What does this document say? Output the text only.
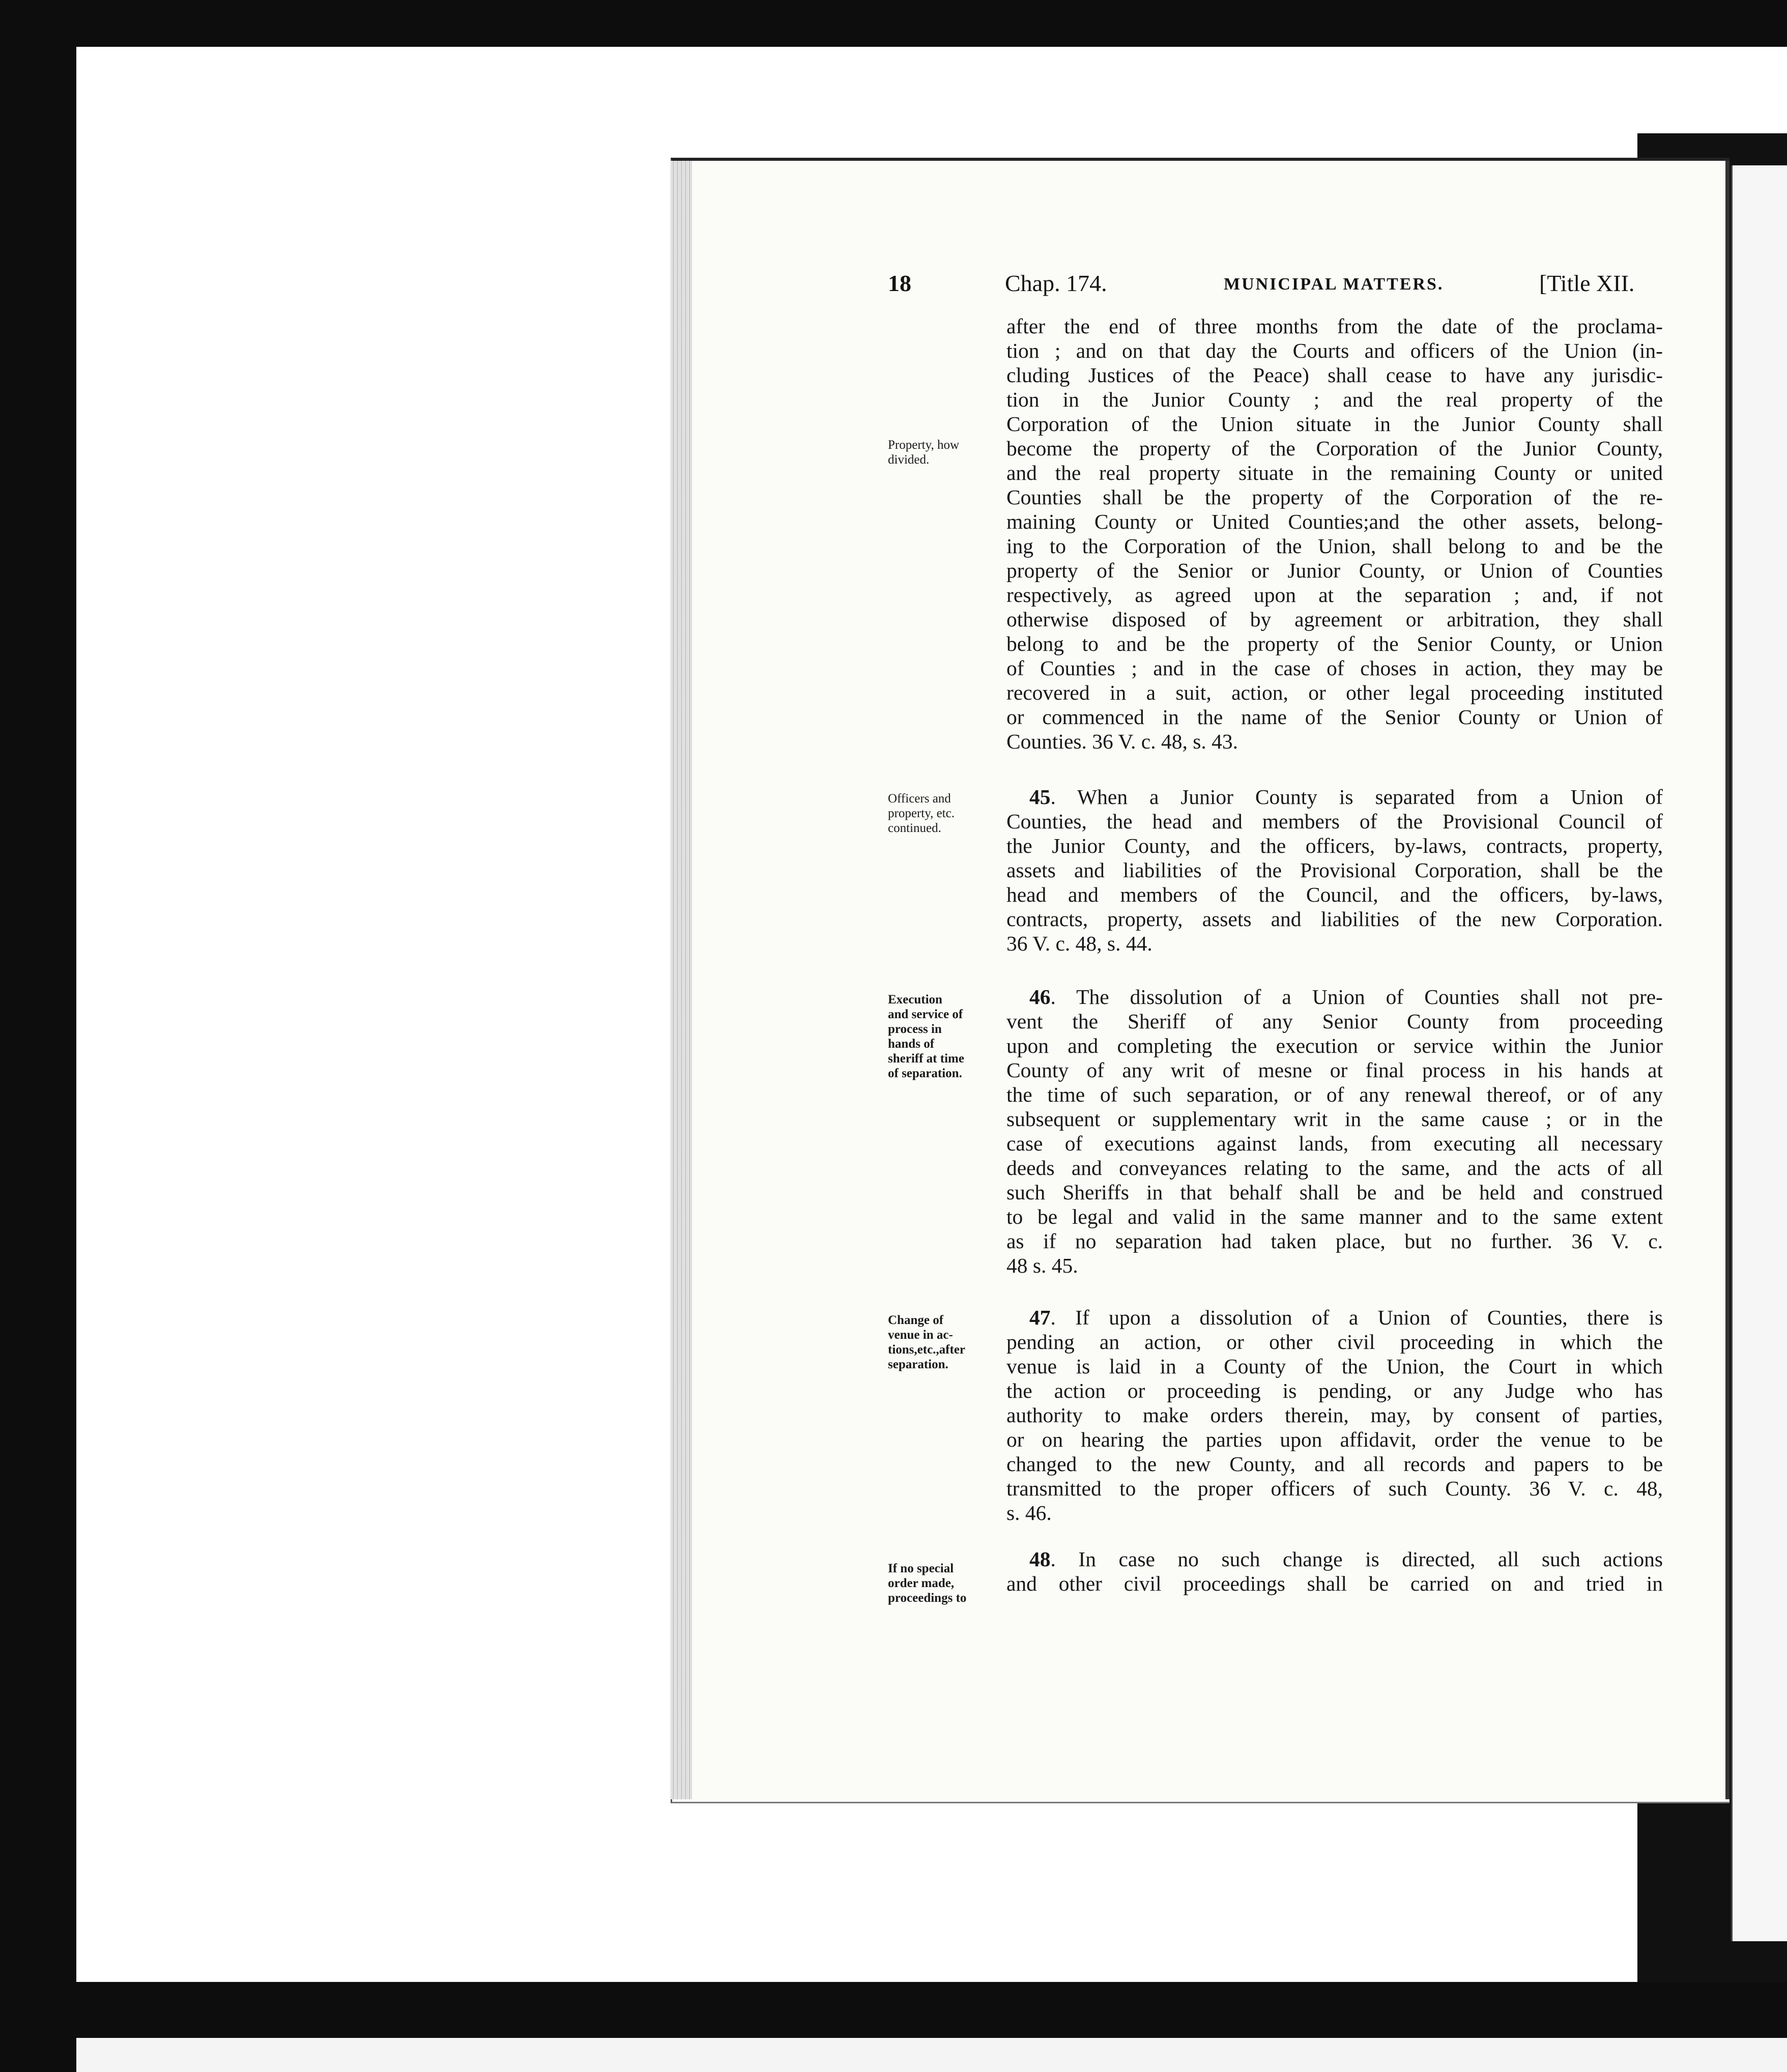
18	Chap. 174.	MUNICIPAL MATTERS.	[Title XII.
after the end of three months from the date of the proclama-
tion ; and on that day the Courts and officers of the Union (in-
cluding Justices of the Peace) shall cease to have any jurisdic-
tion in the Junior County ; and the real property of the
Corporation of the Union situate in the Junior County shall
become the property of the Corporation of the Junior County,
and the real property situate in the remaining County or united
Counties shall be the property of the Corporation of the re-
maining County or United Counties;and the other assets, belong-
ing to the Corporation of the Union, shall belong to and be the
property of the Senior or Junior County, or Union of Counties
respectively, as agreed upon at the separation ; and, if not
otherwise disposed of by agreement or arbitration, they shall
belong to and be the property of the Senior County, or Union
of Counties ; and in the case of choses in action, they may be
recovered in a suit, action, or other legal proceeding instituted
or commenced in the name of the Senior County or Union of
Counties. 36 V. c. 48, s. 43.
Property, how
divided.
Officers and
property, etc.
continued.
Execution
and service of
process in
hands of
sheriff at time
of separation.
Change of
venue in ac-
tions,etc.,after
separation.
If no special
order made,
proceedings to
45. When a Junior County is separated from a Union of
Counties, the head and members of the Provisional Council of
the Junior County, and the officers, by-laws, contracts, property,
assets and liabilities of the Provisional Corporation, shall be the
head and members of the Council, and the officers, by-laws,
contracts, property, assets and liabilities of the new Corporation.
36 V. c. 48, s. 44.
46. The dissolution of a Union of Counties shall not pre-
vent the Sheriff of any Senior County from proceeding
upon and completing the execution or service within the Junior
County of any writ of mesne or final process in his hands at
the time of such separation, or of any renewal thereof, or of any
subsequent or supplementary writ in the same cause ; or in the
case of executions against lands, from executing all necessary
deeds and conveyances relating to the same, and the acts of all
such Sheriffs in that behalf shall be and be held and construed
to be legal and valid in the same manner and to the same extent
as if no separation had taken place, but no further. 36 V. c.
48 s. 45.
47. If upon a dissolution of a Union of Counties, there is
pending an action, or other civil proceeding in which the
venue is laid in a County of the Union, the Court in which
the action or proceeding is pending, or any Judge who has
authority to make orders therein, may, by consent of parties,
or on hearing the parties upon affidavit, order the venue to be
changed to the new County, and all records and papers to be
transmitted to the proper officers of such County. 36 V. c. 48,
s. 46.
48. In case no such change is directed, all such actions
and other civil proceedings shall be carried on and tried in
